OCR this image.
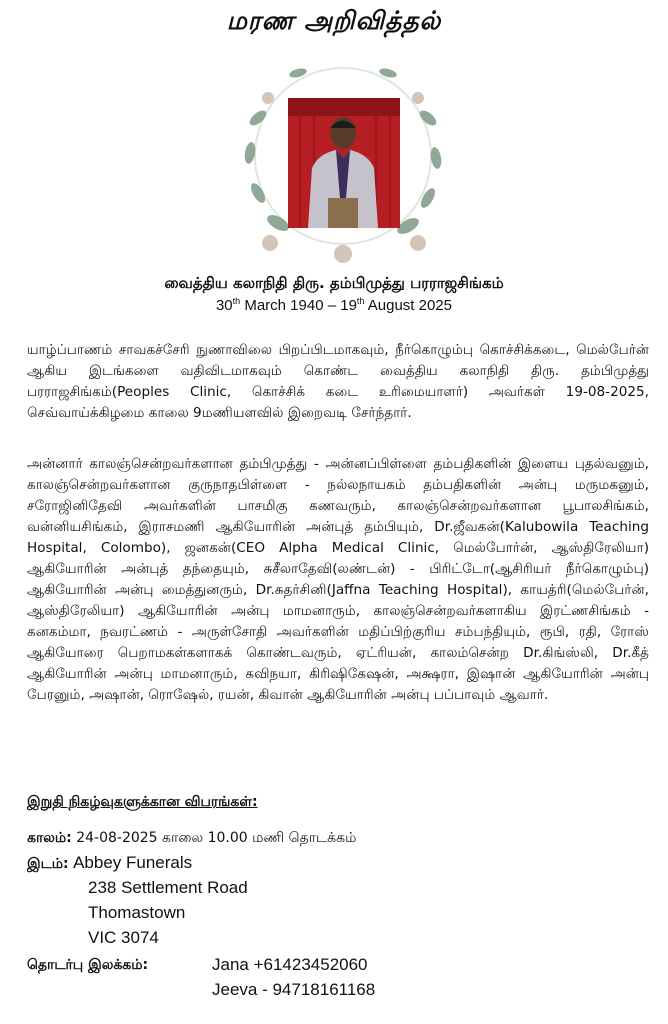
மரண அறிவித்தல்
வைத்திய கலாநிதி திரு. தம்பிமுத்து பரராஜசிங்கம்
30th March 1940 – 19th August 2025
யாழ்ப்பாணம் சாவகச்சேரி நுணாவிலை பிறப்பிடமாகவும், நீர்கொழும்பு கொச்சிக்கடை, மெல்பேர்ன் ஆகிய இடங்களை வதிவிடமாகவும் கொண்ட வைத்திய கலாநிதி திரு. தம்பிமுத்து பரராஜசிங்கம்(Peoples Clinic, கொச்சிக் கடை உரிமையாளர்) அவர்கள் 19-08-2025, செவ்வாய்க்கிழமை காலை 9மணியளவில் இறைவடி சேர்ந்தார்.
அன்னார் காலஞ்சென்றவர்களான தம்பிமுத்து - அன்னப்பிள்ளை தம்பதிகளின் இளைய புதல்வனும், காலஞ்சென்றவர்களான குருநாதபிள்ளை - நல்லநாயகம் தம்பதிகளின் அன்பு மருமகனும், சரோஜினிதேவி அவர்களின் பாசமிகு கணவரும், காலஞ்சென்றவர்களான பூபாலசிங்கம், வன்னியசிங்கம், இராசமணி ஆகியோரின் அன்புத் தம்பியும், Dr.ஜீவகன்(Kalubowila Teaching Hospital, Colombo), ஜனகன்(CEO Alpha Medical Clinic, மெல்போர்ன், ஆஸ்திரேலியா) ஆகியோரின் அன்புத் தந்தையும், சுசீலாதேவி(லண்டன்) - பிரிட்டோ(ஆசிரியர் நீர்கொழும்பு) ஆகியோரின் அன்பு மைத்துனரும், Dr.சுதர்சினி(Jaffna Teaching Hospital), காயத்ரி(மெல்பேர்ன், ஆஸ்திரேலியா) ஆகியோரின் அன்பு மாமனாரும், காலஞ்சென்றவர்களாகிய இரட்ணசிங்கம் - கனகம்மா, நவரட்ணம் - அருள்சோதி அவர்களின் மதிப்பிற்குரிய சம்பந்தியும், ரூபி, ரதி, ரோஸ் ஆகியோரை பெறாமகள்களாகக் கொண்டவரும், ஏட்ரியன், காலம்சென்ற Dr.கிங்ஸ்லி, Dr.கீத் ஆகியோரின் அன்பு மாமனாரும், கவிநயா, கிரிஷிகேஷன், அக்ஷரா, இஷான் ஆகியோரின் அன்பு பேரனும், அஷான், ரொஷேல், ரயன், கிவான் ஆகியோரின் அன்பு பப்பாவும் ஆவார்.
இறுதி நிகழ்வுகளுக்கான விபரங்கள்:
காலம்: 24-08-2025 காலை 10.00 மணி தொடக்கம்
இடம்: Abbey Funerals
238 Settlement Road
Thomastown
VIC 3074
தொடர்பு இலக்கம்:	Jana +61423452060
Jeeva - 94718161168
